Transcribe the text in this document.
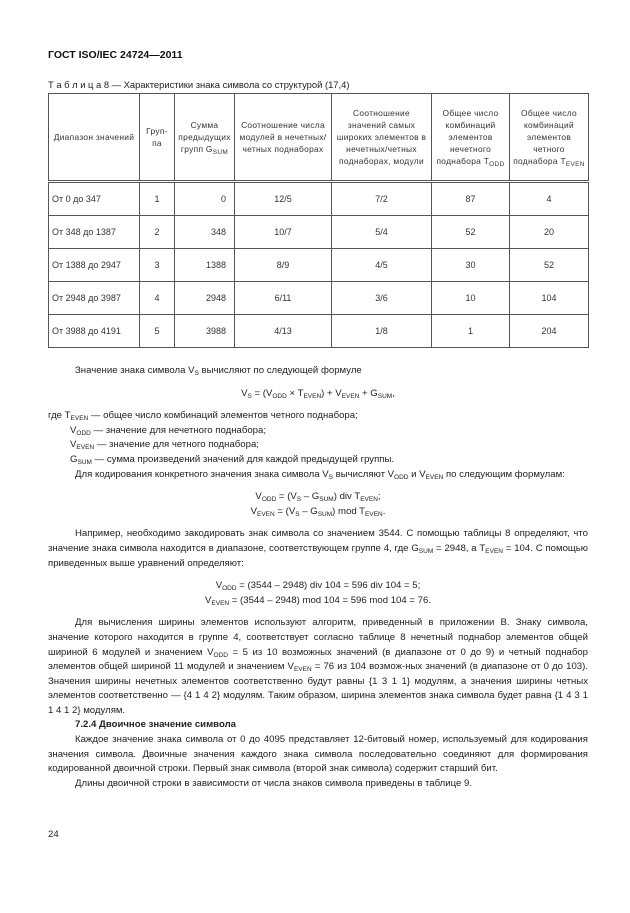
ГОСТ ISO/IEC 24724—2011
Т а б л и ц а 8 — Характеристики знака символа со структурой (17,4)
Диапазон значений	Груп-па	Сумма предыдущих групп $G_{SUM}$	Соотношение числа модулей в нечетных/четных поднаборах	Соотношение значений самых широких элементов в нечетных/четных поднаборах, модули	Общее число комбинаций элементов нечетного поднабора $T_{ODD}$	Общее число комбинаций элементов четного поднабора $T_{EVEN}$
От 0 до 347	1	0	12/5	7/2	87	4
От 348 до 1387	2	348	10/7	5/4	52	20
От 1388 до 2947	3	1388	8/9	4/5	30	52
От 2948 до 3987	4	2948	6/11	3/6	10	104
От 3988 до 4191	5	3988	4/13	1/8	1	204
Значение знака символа $V_S$ вычисляют по следующей формуле
$V_S = (V_{ODD} \times T_{EVEN}) + V_{EVEN} + G_{SUM}$,
где $T_{EVEN}$ — общее число комбинаций элементов четного поднабора;
$V_{ODD}$ — значение для нечетного поднабора;
$V_{EVEN}$ — значение для четного поднабора;
$G_{SUM}$ — сумма произведений значений для каждой предыдущей группы.
Для кодирования конкретного значения знака символа $V_S$ вычисляют $V_{ODD}$ и $V_{EVEN}$ по следующим формулам:
$V_{ODD} = (V_S - G_{SUM})$ div $T_{EVEN}$;
$V_{EVEN} = (V_S - G_{SUM})$ mod $T_{EVEN}$.
Например, необходимо закодировать знак символа со значением 3544. С помощью таблицы 8 определяют, что значение знака символа находится в диапазоне, соответствующем группе 4, где $G_{SUM} = 2948$, а $T_{EVEN} = 104$. С помощью приведенных выше уравнений определяют:
$V_{ODD} = (3544 - 2948)$ div 104 = 596 div 104 = 5;
$V_{EVEN} = (3544 - 2948)$ mod 104 = 596 mod 104 = 76.
Для вычисления ширины элементов используют алгоритм, приведенный в приложении В. Знаку символа, значение которого находится в группе 4, соответствует согласно таблице 8 нечетный поднабор элементов общей шириной 6 модулей и значением $V_{ODD} = 5$ из 10 возможных значений (в диапазоне от 0 до 9) и четный поднабор элементов общей шириной 11 модулей и значением $V_{EVEN} = 76$ из 104 возмож-ных значений (в диапазоне от 0 до 103). Значения ширины нечетных элементов соответственно будут равны {1 3 1 1} модулям, а значения ширины четных элементов соответственно — {4 1 4 2} модулям. Таким образом, ширина элементов знака символа будет равна {1 4 3 1 1 4 1 2} модулям.
7.2.4 Двоичное значение символа
Каждое значение знака символа от 0 до 4095 представляет 12-битовый номер, используемый для кодирования значения символа. Двоичные значения каждого знака символа последовательно соединяют для формирования кодированной двоичной строки. Первый знак символа (второй знак символа) содержит старший бит.
Длины двоичной строки в зависимости от числа знаков символа приведены в таблице 9.
24
